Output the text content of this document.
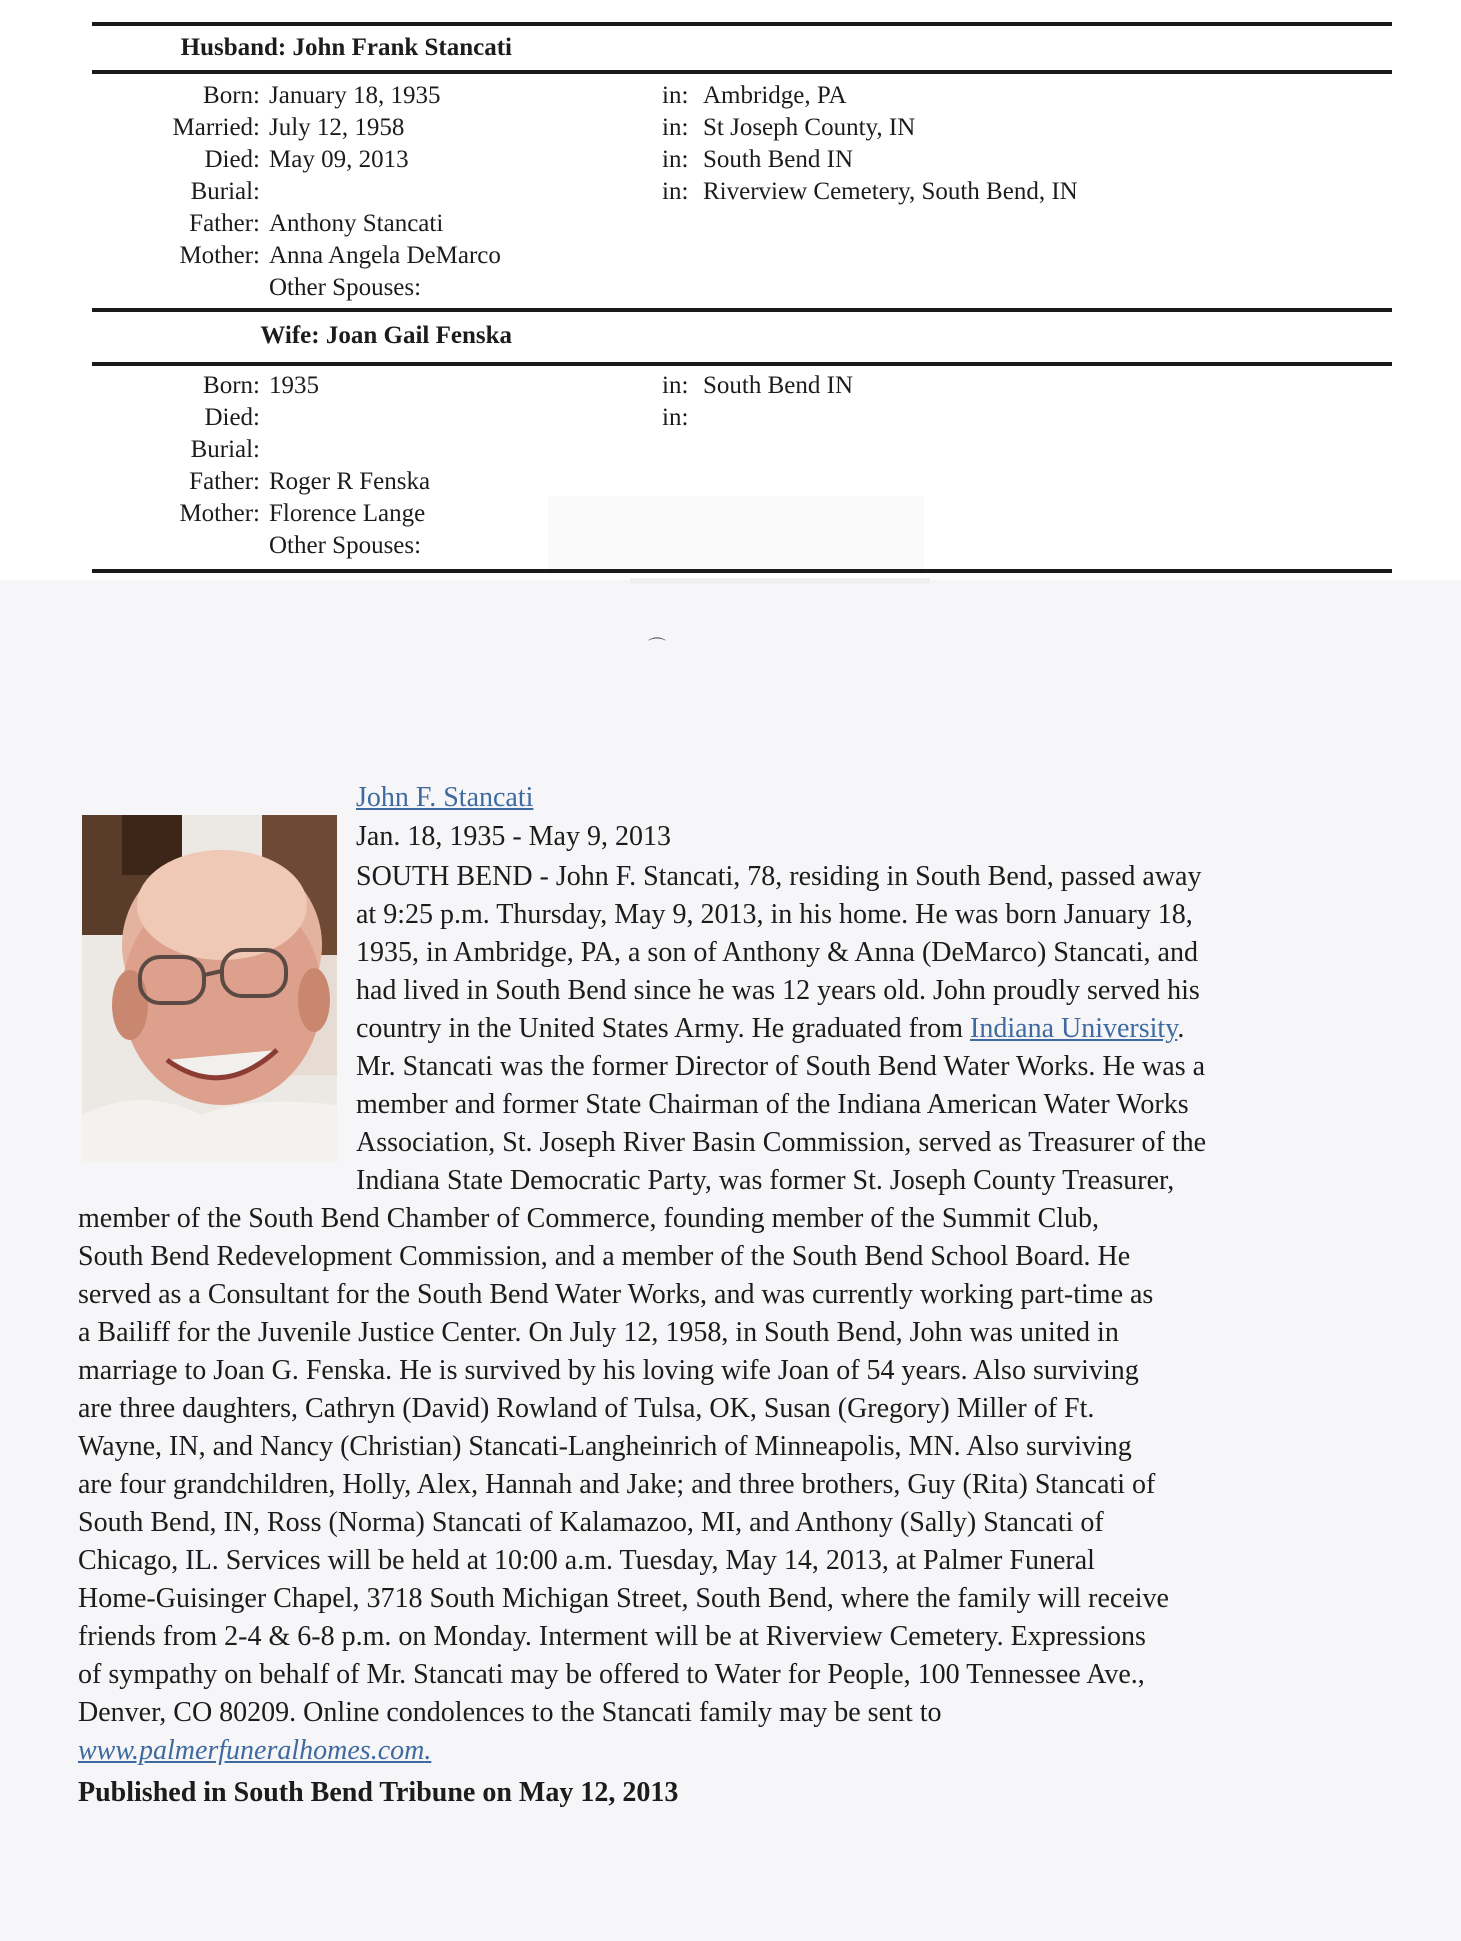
Husband: John Frank Stancati
Born: January 18, 1935	in: Ambridge, PA
Married: July 12, 1958	in: St Joseph County, IN
Died: May 09, 2013	in: South Bend IN
Burial:	in: Riverview Cemetery, South Bend, IN
Father: Anthony Stancati
Mother: Anna Angela DeMarco
Other Spouses:
Wife: Joan Gail Fenska
Born: 1935	in: South Bend IN
Died:	in:
Burial:
Father: Roger R Fenska
Mother: Florence Lange
Other Spouses:
⌒
John F. Stancati
Jan. 18, 1935 - May 9, 2013
SOUTH BEND - John F. Stancati, 78, residing in South Bend, passed away
at 9:25 p.m. Thursday, May 9, 2013, in his home. He was born January 18,
1935, in Ambridge, PA, a son of Anthony & Anna (DeMarco) Stancati, and
had lived in South Bend since he was 12 years old. John proudly served his
country in the United States Army. He graduated from Indiana University.
Mr. Stancati was the former Director of South Bend Water Works. He was a
member and former State Chairman of the Indiana American Water Works
Association, St. Joseph River Basin Commission, served as Treasurer of the
Indiana State Democratic Party, was former St. Joseph County Treasurer,
member of the South Bend Chamber of Commerce, founding member of the Summit Club,
South Bend Redevelopment Commission, and a member of the South Bend School Board. He
served as a Consultant for the South Bend Water Works, and was currently working part-time as
a Bailiff for the Juvenile Justice Center. On July 12, 1958, in South Bend, John was united in
marriage to Joan G. Fenska. He is survived by his loving wife Joan of 54 years. Also surviving
are three daughters, Cathryn (David) Rowland of Tulsa, OK, Susan (Gregory) Miller of Ft.
Wayne, IN, and Nancy (Christian) Stancati-Langheinrich of Minneapolis, MN. Also surviving
are four grandchildren, Holly, Alex, Hannah and Jake; and three brothers, Guy (Rita) Stancati of
South Bend, IN, Ross (Norma) Stancati of Kalamazoo, MI, and Anthony (Sally) Stancati of
Chicago, IL. Services will be held at 10:00 a.m. Tuesday, May 14, 2013, at Palmer Funeral
Home-Guisinger Chapel, 3718 South Michigan Street, South Bend, where the family will receive
friends from 2-4 & 6-8 p.m. on Monday. Interment will be at Riverview Cemetery. Expressions
of sympathy on behalf of Mr. Stancati may be offered to Water for People, 100 Tennessee Ave.,
Denver, CO 80209. Online condolences to the Stancati family may be sent to
www.palmerfuneralhomes.com.
Published in South Bend Tribune on May 12, 2013
